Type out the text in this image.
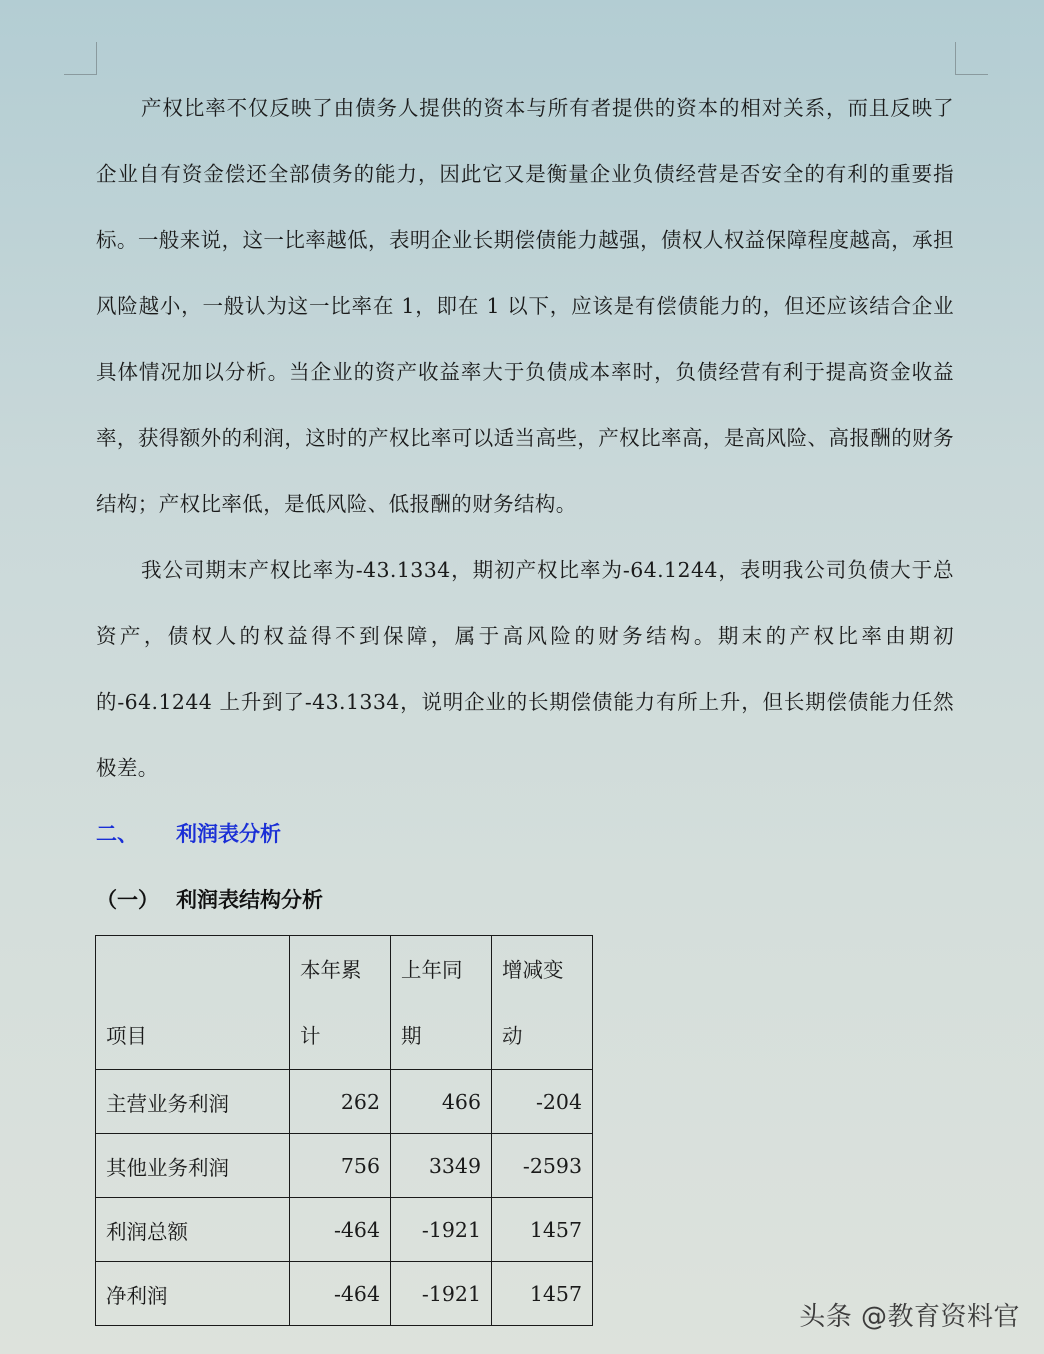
产权比率不仅反映了由债务人提供的资本与所有者提供的资本的相对关系，而且反映了企业自有资金偿还全部债务的能力，因此它又是衡量企业负债经营是否安全的有利的重要指标。一般来说，这一比率越低，表明企业长期偿债能力越强，债权人权益保障程度越高，承担风险越小，一般认为这一比率在 1，即在 1 以下，应该是有偿债能力的，但还应该结合企业具体情况加以分析。当企业的资产收益率大于负债成本率时，负债经营有利于提高资金收益率，获得额外的利润，这时的产权比率可以适当高些，产权比率高，是高风险、高报酬的财务结构；产权比率低，是低风险、低报酬的财务结构。

我公司期末产权比率为-43.1334，期初产权比率为-64.1244，表明我公司负债大于总资产，债权人的权益得不到保障，属于高风险的财务结构。期末的产权比率由期初的-64.1244 上升到了-43.1334，说明企业的长期偿债能力有所上升，但长期偿债能力任然极差。

二、 利润表分析
（一） 利润表结构分析
项目	本年累计	上年同期	增减变动
主营业务利润	262	466	-204
其他业务利润	756	3349	-2593
利润总额	-464	-1921	1457
净利润	-464	-1921	1457
头条 @教育资料官
